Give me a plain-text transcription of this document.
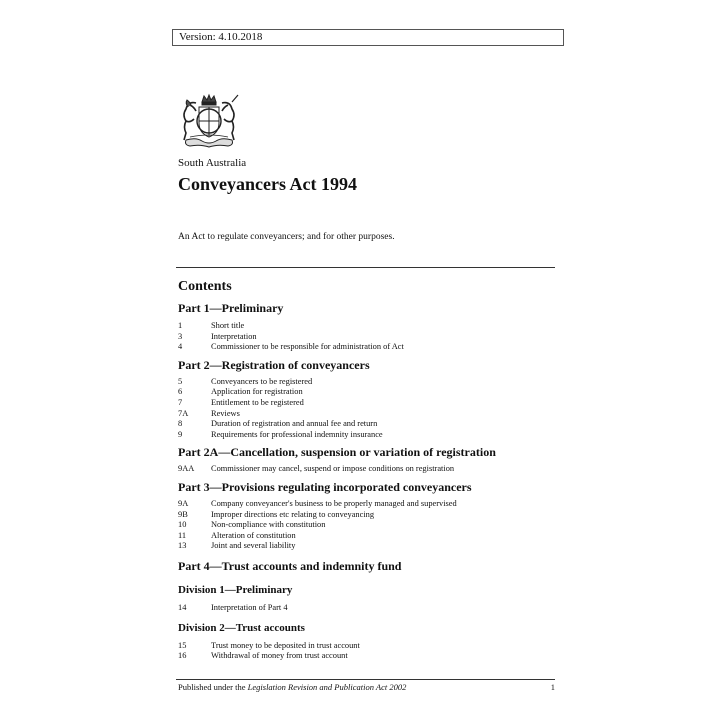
Version: 4.10.2018
South Australia
Conveyancers Act 1994
An Act to regulate conveyancers; and for other purposes.
Contents
Part 1—Preliminary
1	Short title
3	Interpretation
4	Commissioner to be responsible for administration of Act
Part 2—Registration of conveyancers
5	Conveyancers to be registered
6	Application for registration
7	Entitlement to be registered
7A	Reviews
8	Duration of registration and annual fee and return
9	Requirements for professional indemnity insurance
Part 2A—Cancellation, suspension or variation of registration
9AA	Commissioner may cancel, suspend or impose conditions on registration
Part 3—Provisions regulating incorporated conveyancers
9A	Company conveyancer's business to be properly managed and supervised
9B	Improper directions etc relating to conveyancing
10	Non-compliance with constitution
11	Alteration of constitution
13	Joint and several liability
Part 4—Trust accounts and indemnity fund
Division 1—Preliminary
14	Interpretation of Part 4
Division 2—Trust accounts
15	Trust money to be deposited in trust account
16	Withdrawal of money from trust account
Published under the Legislation Revision and Publication Act 2002	1
